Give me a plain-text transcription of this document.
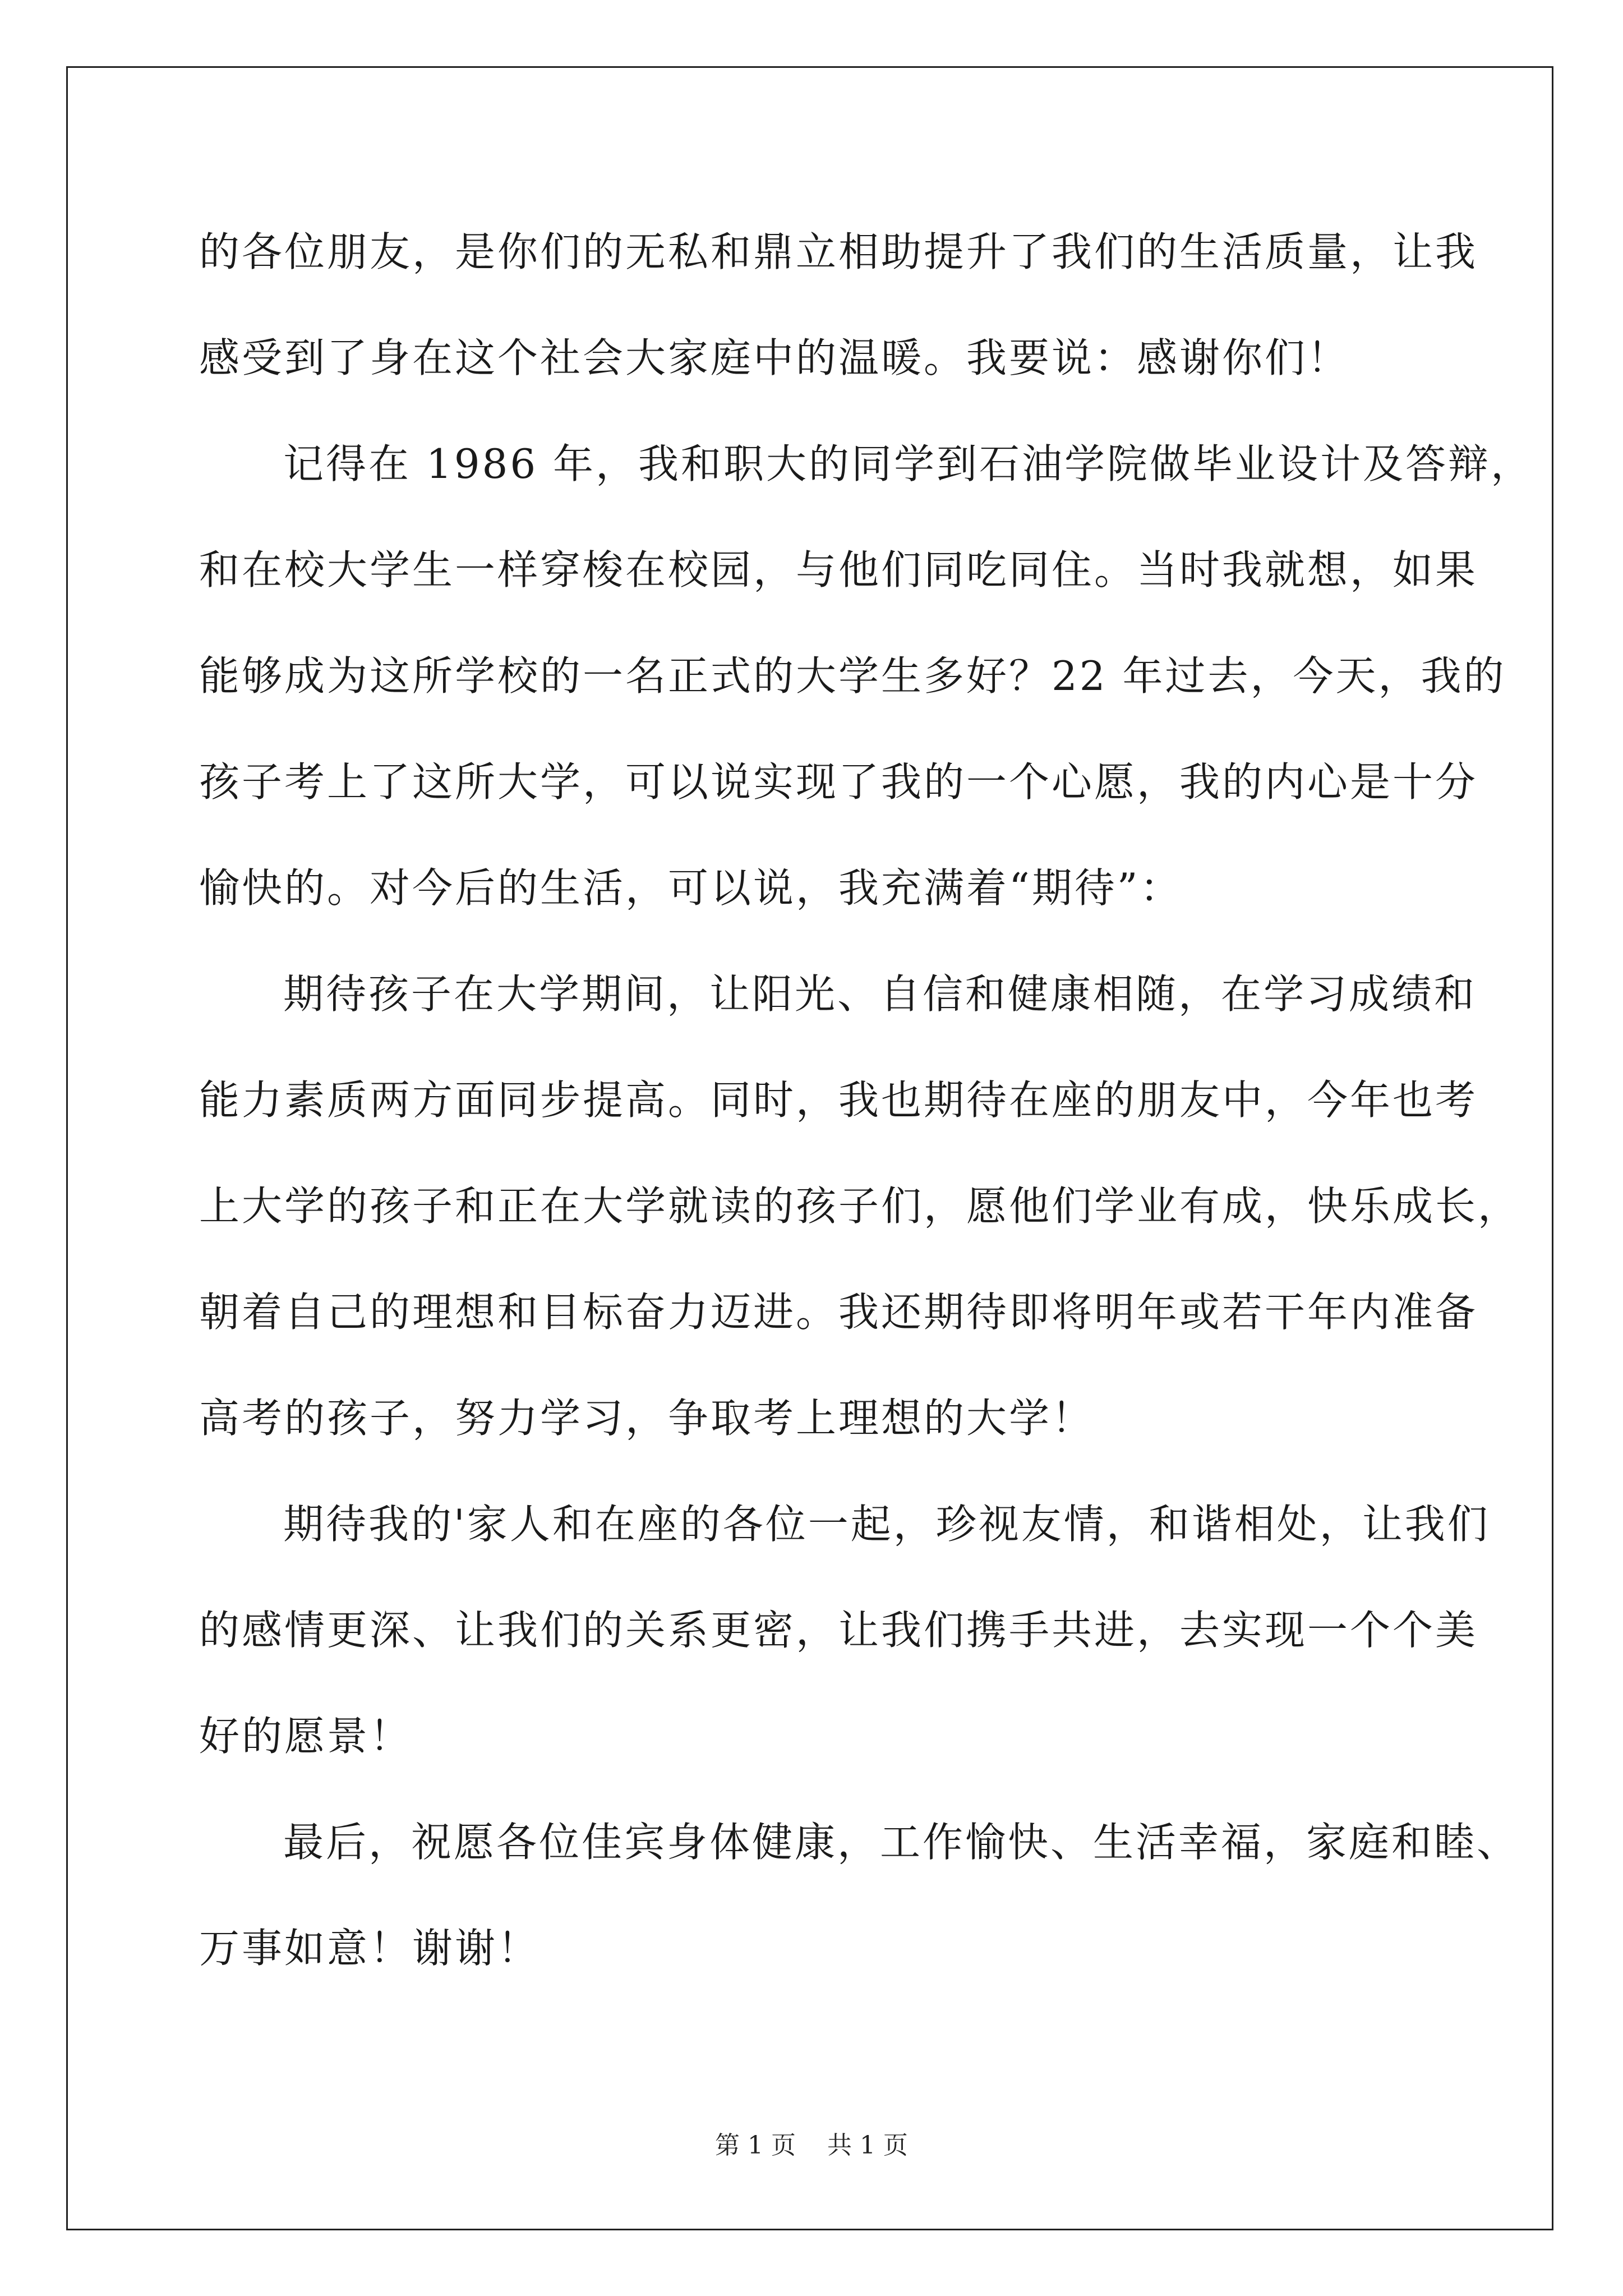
的各位朋友，是你们的无私和鼎立相助提升了我们的生活质量，让我
感受到了身在这个社会大家庭中的温暖。我要说：感谢你们！

记得在 1986 年，我和职大的同学到石油学院做毕业设计及答辩，
和在校大学生一样穿梭在校园，与他们同吃同住。当时我就想，如果
能够成为这所学校的一名正式的大学生多好？22 年过去，今天，我的
孩子考上了这所大学，可以说实现了我的一个心愿，我的内心是十分
愉快的。对今后的生活，可以说，我充满着“期待”：

期待孩子在大学期间，让阳光、自信和健康相随，在学习成绩和
能力素质两方面同步提高。同时，我也期待在座的朋友中，今年也考
上大学的孩子和正在大学就读的孩子们，愿他们学业有成，快乐成长，
朝着自己的理想和目标奋力迈进。我还期待即将明年或若干年内准备
高考的孩子，努力学习，争取考上理想的大学！

期待我的'家人和在座的各位一起，珍视友情，和谐相处，让我们
的感情更深、让我们的关系更密，让我们携手共进，去实现一个个美
好的愿景！

最后，祝愿各位佳宾身体健康，工作愉快、生活幸福，家庭和睦、
万事如意！谢谢！

第 1 页    共 1 页
